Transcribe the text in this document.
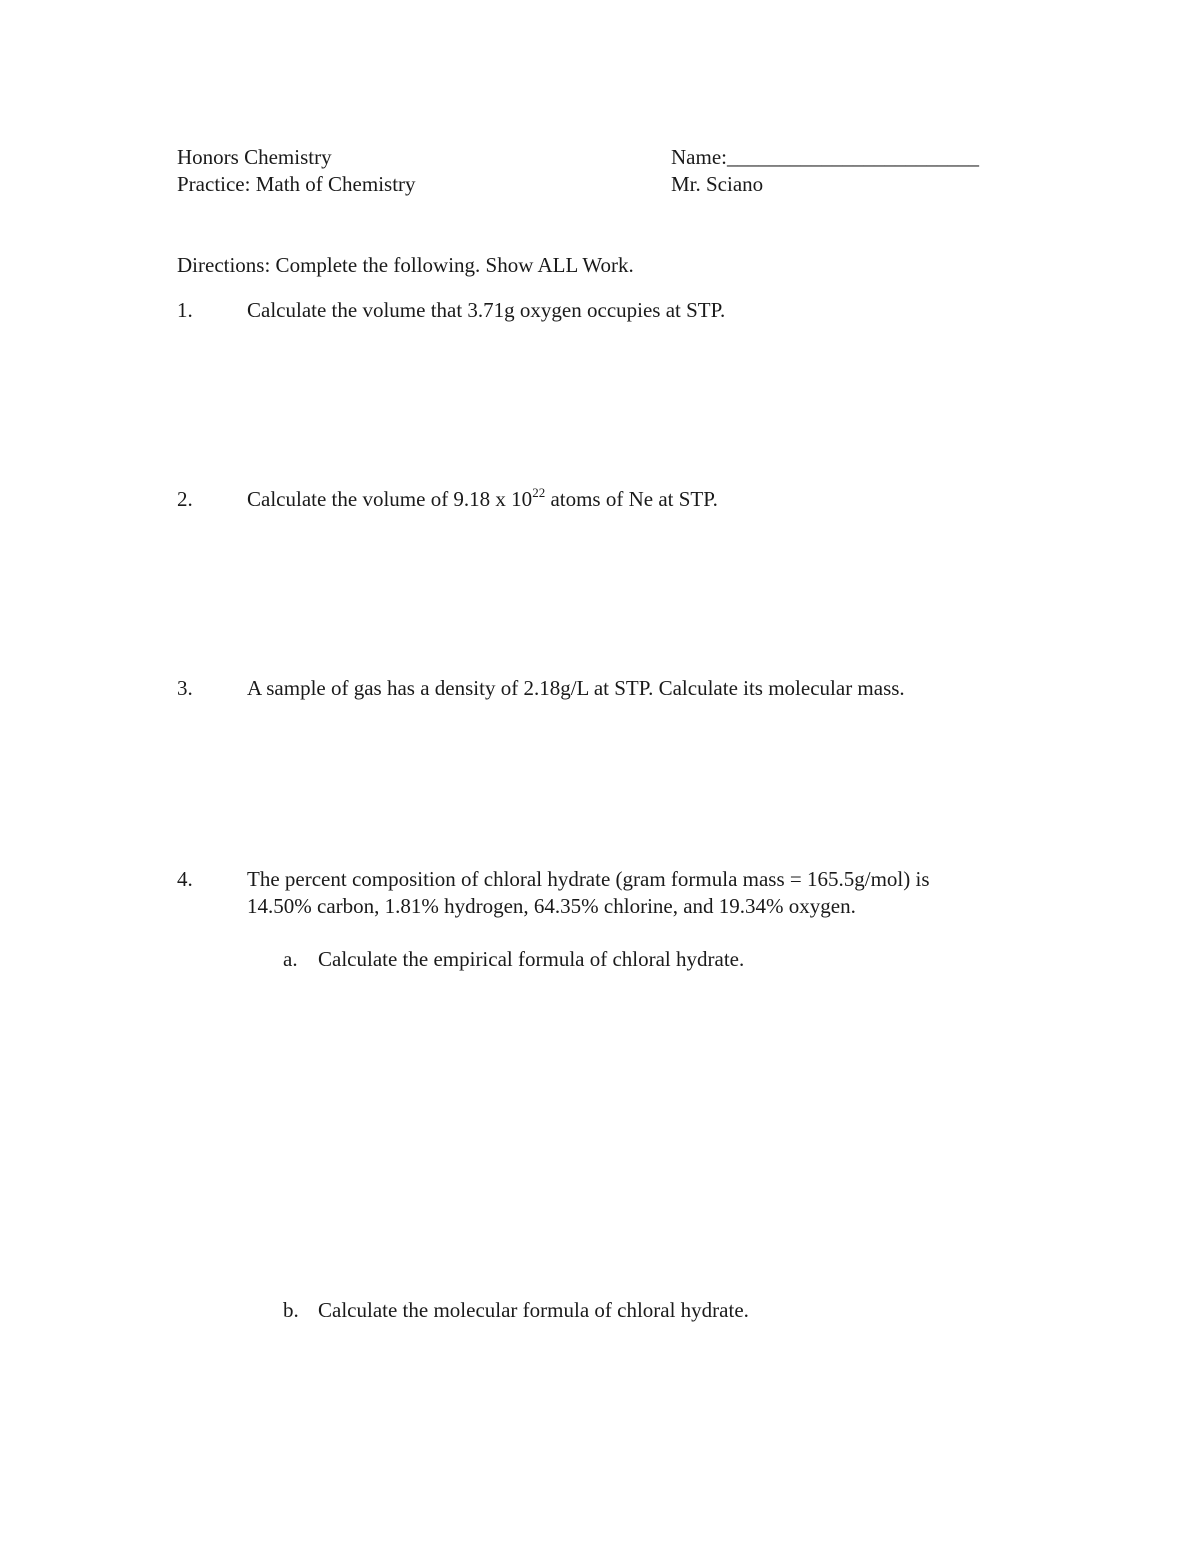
Honors Chemistry
Practice: Math of Chemistry
Name:________________________
Mr. Sciano
Directions: Complete the following. Show ALL Work.
1.	Calculate the volume that 3.71g oxygen occupies at STP.
2.	Calculate the volume of 9.18 x $10^{22}$ atoms of Ne at STP.
3.	A sample of gas has a density of 2.18g/L at STP. Calculate its molecular mass.
4.	The percent composition of chloral hydrate (gram formula mass = 165.5g/mol) is
14.50% carbon, 1.81% hydrogen, 64.35% chlorine, and 19.34% oxygen.
a. Calculate the empirical formula of chloral hydrate.
b. Calculate the molecular formula of chloral hydrate.
